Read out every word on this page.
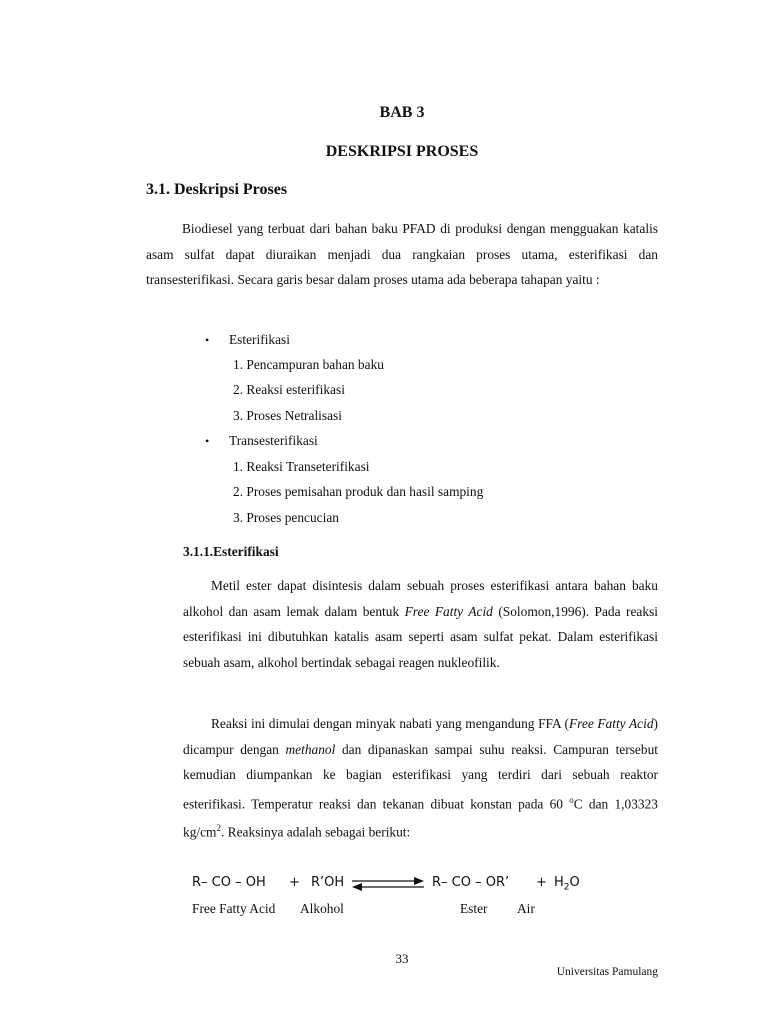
BAB 3
DESKRIPSI PROSES
3.1. Deskripsi Proses
Biodiesel yang terbuat dari bahan baku PFAD di produksi dengan mengguakan katalis asam sulfat dapat diuraikan menjadi dua rangkaian proses utama, esterifikasi dan transesterifikasi. Secara garis besar dalam proses utama ada beberapa tahapan yaitu :
• Esterifikasi
1. Pencampuran bahan baku
2. Reaksi esterifikasi
3. Proses Netralisasi
• Transesterifikasi
1. Reaksi Transeterifikasi
2. Proses pemisahan produk dan hasil samping
3. Proses pencucian
3.1.1.Esterifikasi
Metil ester dapat disintesis dalam sebuah proses esterifikasi antara bahan baku alkohol dan asam lemak dalam bentuk Free Fatty Acid (Solomon,1996). Pada reaksi esterifikasi ini dibutuhkan katalis asam seperti asam sulfat pekat. Dalam esterifikasi sebuah asam, alkohol bertindak sebagai reagen nukleofilik.
Reaksi ini dimulai dengan minyak nabati yang mengandung FFA (Free Fatty Acid) dicampur dengan methanol dan dipanaskan sampai suhu reaksi. Campuran tersebut kemudian diumpankan ke bagian esterifikasi yang terdiri dari sebuah reaktor esterifikasi. Temperatur reaksi dan tekanan dibuat konstan pada 60 $^o$C dan 1,03323 $kg/cm^2$. Reaksinya adalah sebagai berikut:
R– CO – OH + R’OH	R– CO – OR’ + $H_2O$
Free Fatty Acid Alkohol	Ester Air
33
Universitas Pamulang
